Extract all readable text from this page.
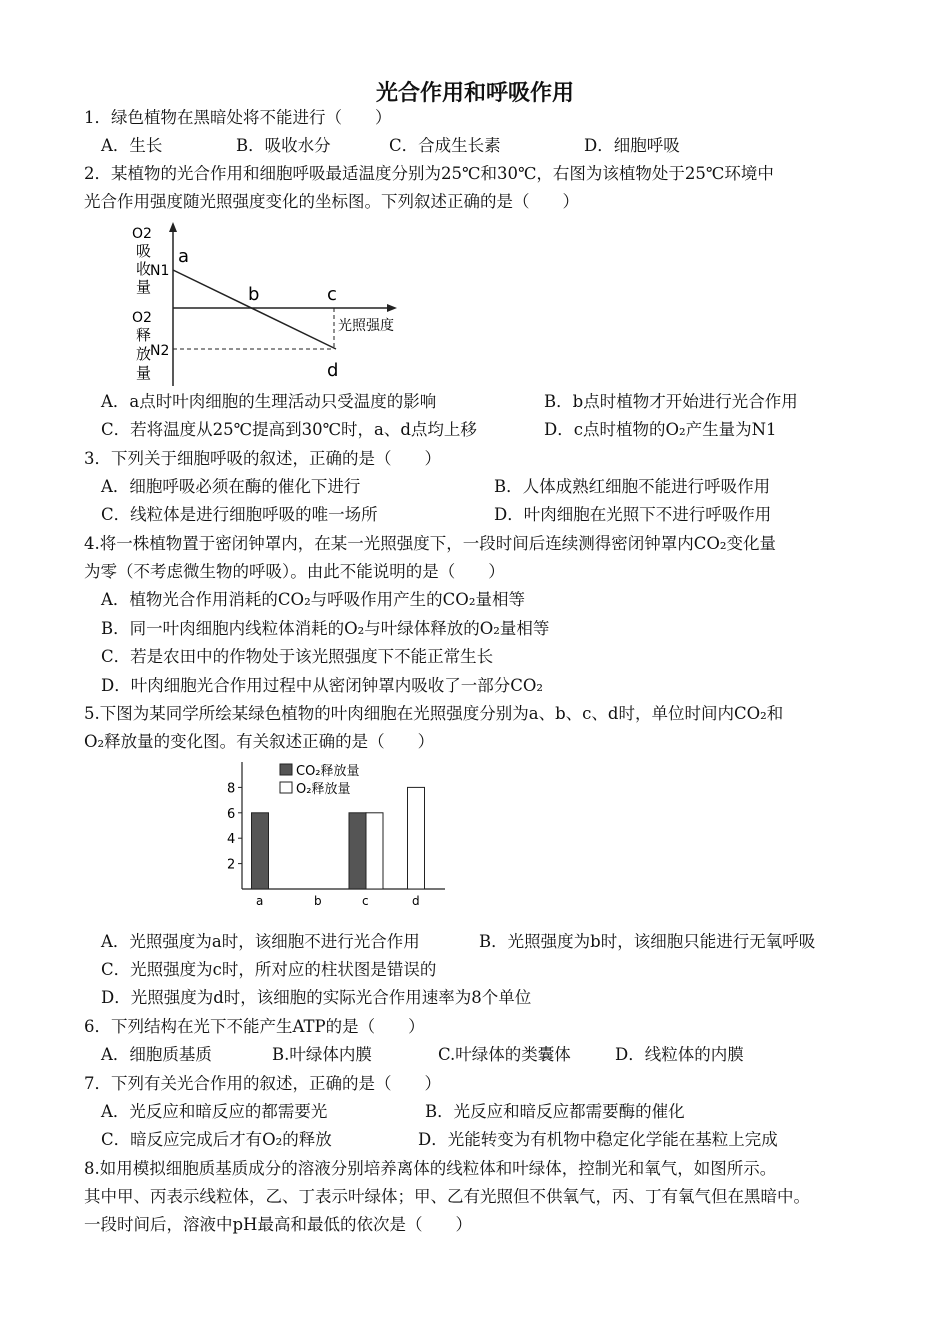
光合作用和呼吸作用
1．绿色植物在黑暗处将不能进行（　　）
A．生长	B．吸收水分	C．合成生长素	D．细胞呼吸
2．某植物的光合作用和细胞呼吸最适温度分别为25℃和30℃，右图为该植物处于25℃环境中
光合作用强度随光照强度变化的坐标图。下列叙述正确的是（　　）
O2
吸
收
量
O2
释
放
量
N1
N2
a
b	c
d
光照强度
A．a点时叶肉细胞的生理活动只受温度的影响	B．b点时植物才开始进行光合作用
C．若将温度从25℃提高到30℃时，a、d点均上移	D．c点时植物的O₂产生量为N1
3．下列关于细胞呼吸的叙述，正确的是（　　）
A．细胞呼吸必须在酶的催化下进行	B．人体成熟红细胞不能进行呼吸作用
C．线粒体是进行细胞呼吸的唯一场所	D．叶肉细胞在光照下不进行呼吸作用
4.将一株植物置于密闭钟罩内，在某一光照强度下，一段时间后连续测得密闭钟罩内CO₂变化量
为零（不考虑微生物的呼吸）。由此不能说明的是（　　）
A．植物光合作用消耗的CO₂与呼吸作用产生的CO₂量相等
B．同一叶肉细胞内线粒体消耗的O₂与叶绿体释放的O₂量相等
C．若是农田中的作物处于该光照强度下不能正常生长
D．叶肉细胞光合作用过程中从密闭钟罩内吸收了一部分CO₂
5.下图为某同学所绘某绿色植物的叶肉细胞在光照强度分别为a、b、c、d时，单位时间内CO₂和
O₂释放量的变化图。有关叙述正确的是（　　）
2
4
6
8
a	b	c	d
CO₂释放量
O₂释放量
A．光照强度为a时，该细胞不进行光合作用	B．光照强度为b时，该细胞只能进行无氧呼吸
C．光照强度为c时，所对应的柱状图是错误的
D．光照强度为d时，该细胞的实际光合作用速率为8个单位
6．下列结构在光下不能产生ATP的是（　　）
A．细胞质基质	B.叶绿体内膜	C.叶绿体的类囊体	D．线粒体的内膜
7．下列有关光合作用的叙述，正确的是（　　）
A．光反应和暗反应的都需要光	B．光反应和暗反应都需要酶的催化
C．暗反应完成后才有O₂的释放	D．光能转变为有机物中稳定化学能在基粒上完成
8.如用模拟细胞质基质成分的溶液分别培养离体的线粒体和叶绿体，控制光和氧气，如图所示。
其中甲、丙表示线粒体，乙、丁表示叶绿体；甲、乙有光照但不供氧气，丙、丁有氧气但在黑暗中。
一段时间后，溶液中pH最高和最低的依次是（　　）
